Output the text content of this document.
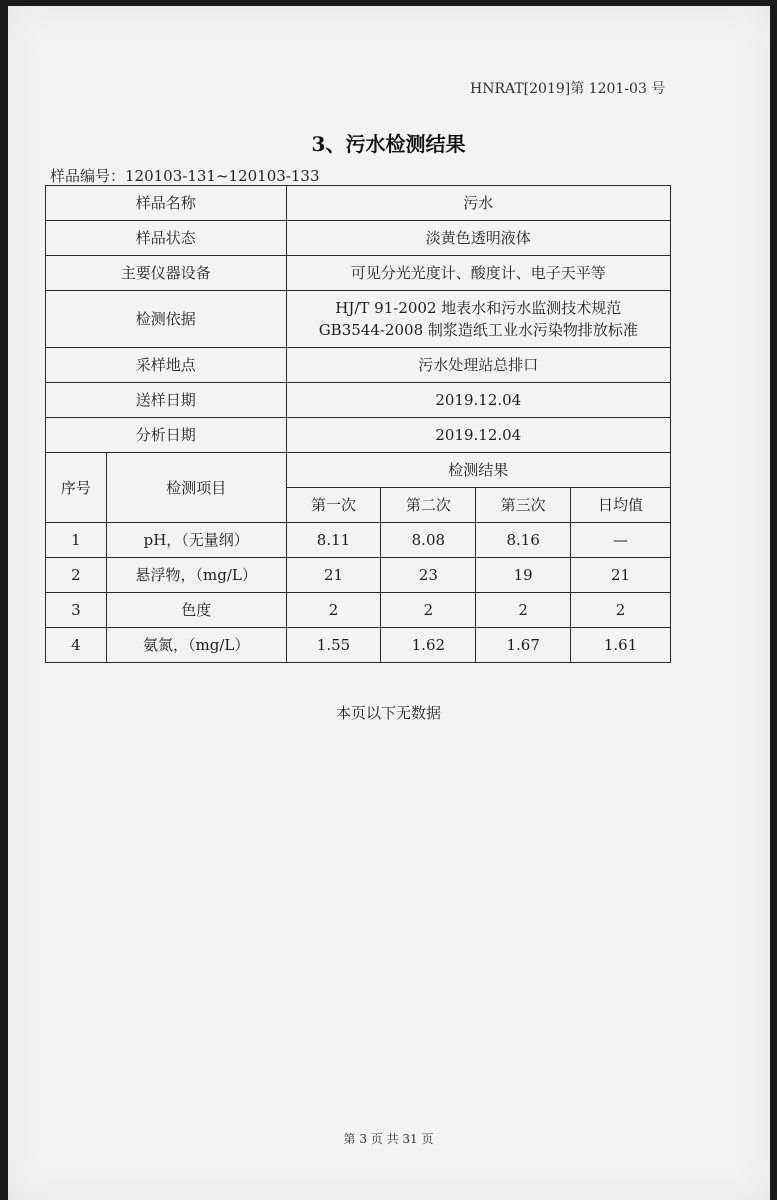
HNRAT[2019]第 1201-03 号
3、污水检测结果
样品编号：120103-131~120103-133
样品名称		污水			
样品状态		淡黄色透明液体			
主要仪器设备		可见分光光度计、酸度计、电子天平等			
检测依据		HJ/T 91-2002 地表水和污水监测技术规范
GB3544-2008 制浆造纸工业水污染物排放标准			

采样地点		污水处理站总排口			
送样日期		2019.12.04			
分析日期		2019.12.04			
序号	检测项目	检测结果			
		第一次	第二次	第三次	日均值
1	pH，（无量纲）	8.11	8.08	8.16	—
2	悬浮物，（mg/L）	21	23	19	21
3	色度	2	2	2	2
4	氨氮，（mg/L）	1.55	1.62	1.67	1.61
本页以下无数据
第 3 页 共 31 页
